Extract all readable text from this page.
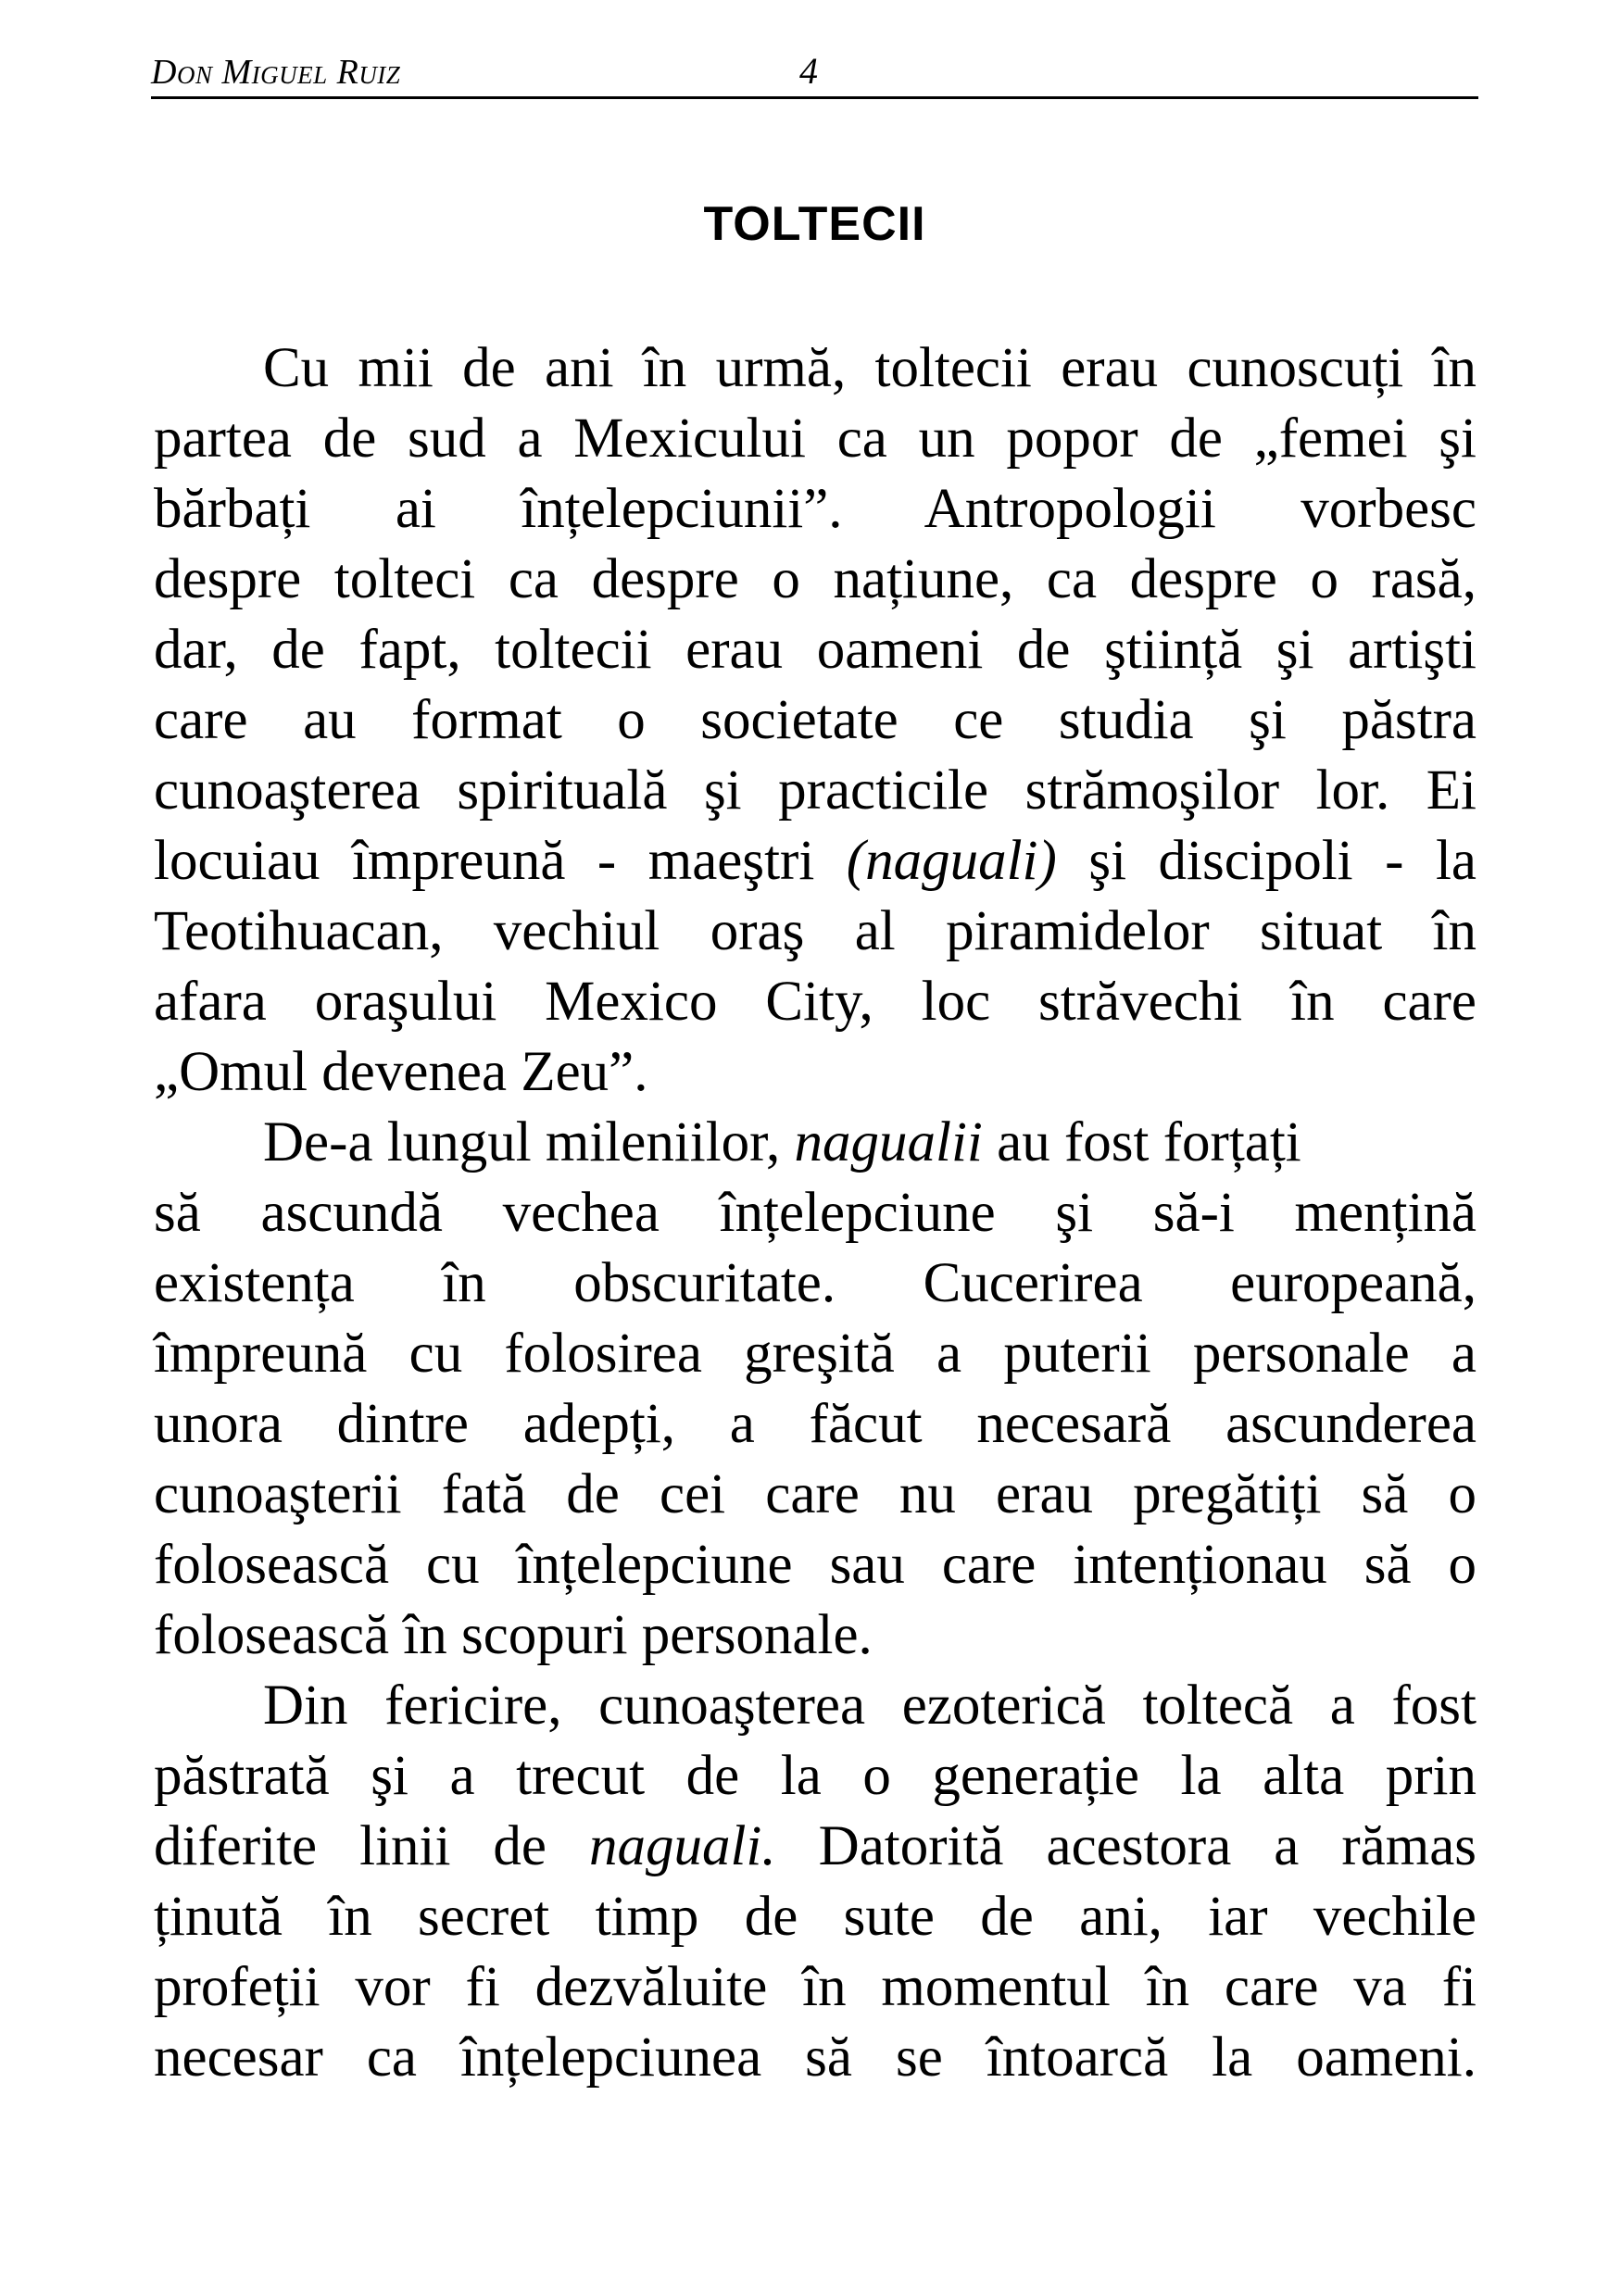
Don Miguel Ruiz	4
TOLTECII
Cu mii de ani în urmă, toltecii erau cunoscuți în
partea de sud a Mexicului ca un popor de „femei şi
bărbați ai înțelepciunii”. Antropologii vorbesc
despre tolteci ca despre o națiune, ca despre o rasă,
dar, de fapt, toltecii erau oameni de ştiință şi artişti
care au format o societate ce studia şi păstra
cunoaşterea spirituală şi practicile strămoşilor lor. Ei
locuiau împreună - maeştri (naguali) şi discipoli - la
Teotihuacan, vechiul oraş al piramidelor situat în
afara oraşului Mexico City, loc străvechi în care
„Omul devenea Zeu”.
De-a lungul mileniilor, nagualii au fost forțați
să ascundă vechea înțelepciune şi să-i mențină
existența în obscuritate. Cucerirea europeană,
împreună cu folosirea greşită a puterii personale a
unora dintre adepți, a făcut necesară ascunderea
cunoaşterii fată de cei care nu erau pregătiți să o
folosească cu înțelepciune sau care intenționau să o
folosească în scopuri personale.
Din fericire, cunoaşterea ezoterică toltecă a fost
păstrată şi a trecut de la o generație la alta prin
diferite linii de naguali. Datorită acestora a rămas
ținută în secret timp de sute de ani, iar vechile
profeții vor fi dezvăluite în momentul în care va fi
necesar ca înțelepciunea să se întoarcă la oameni.
